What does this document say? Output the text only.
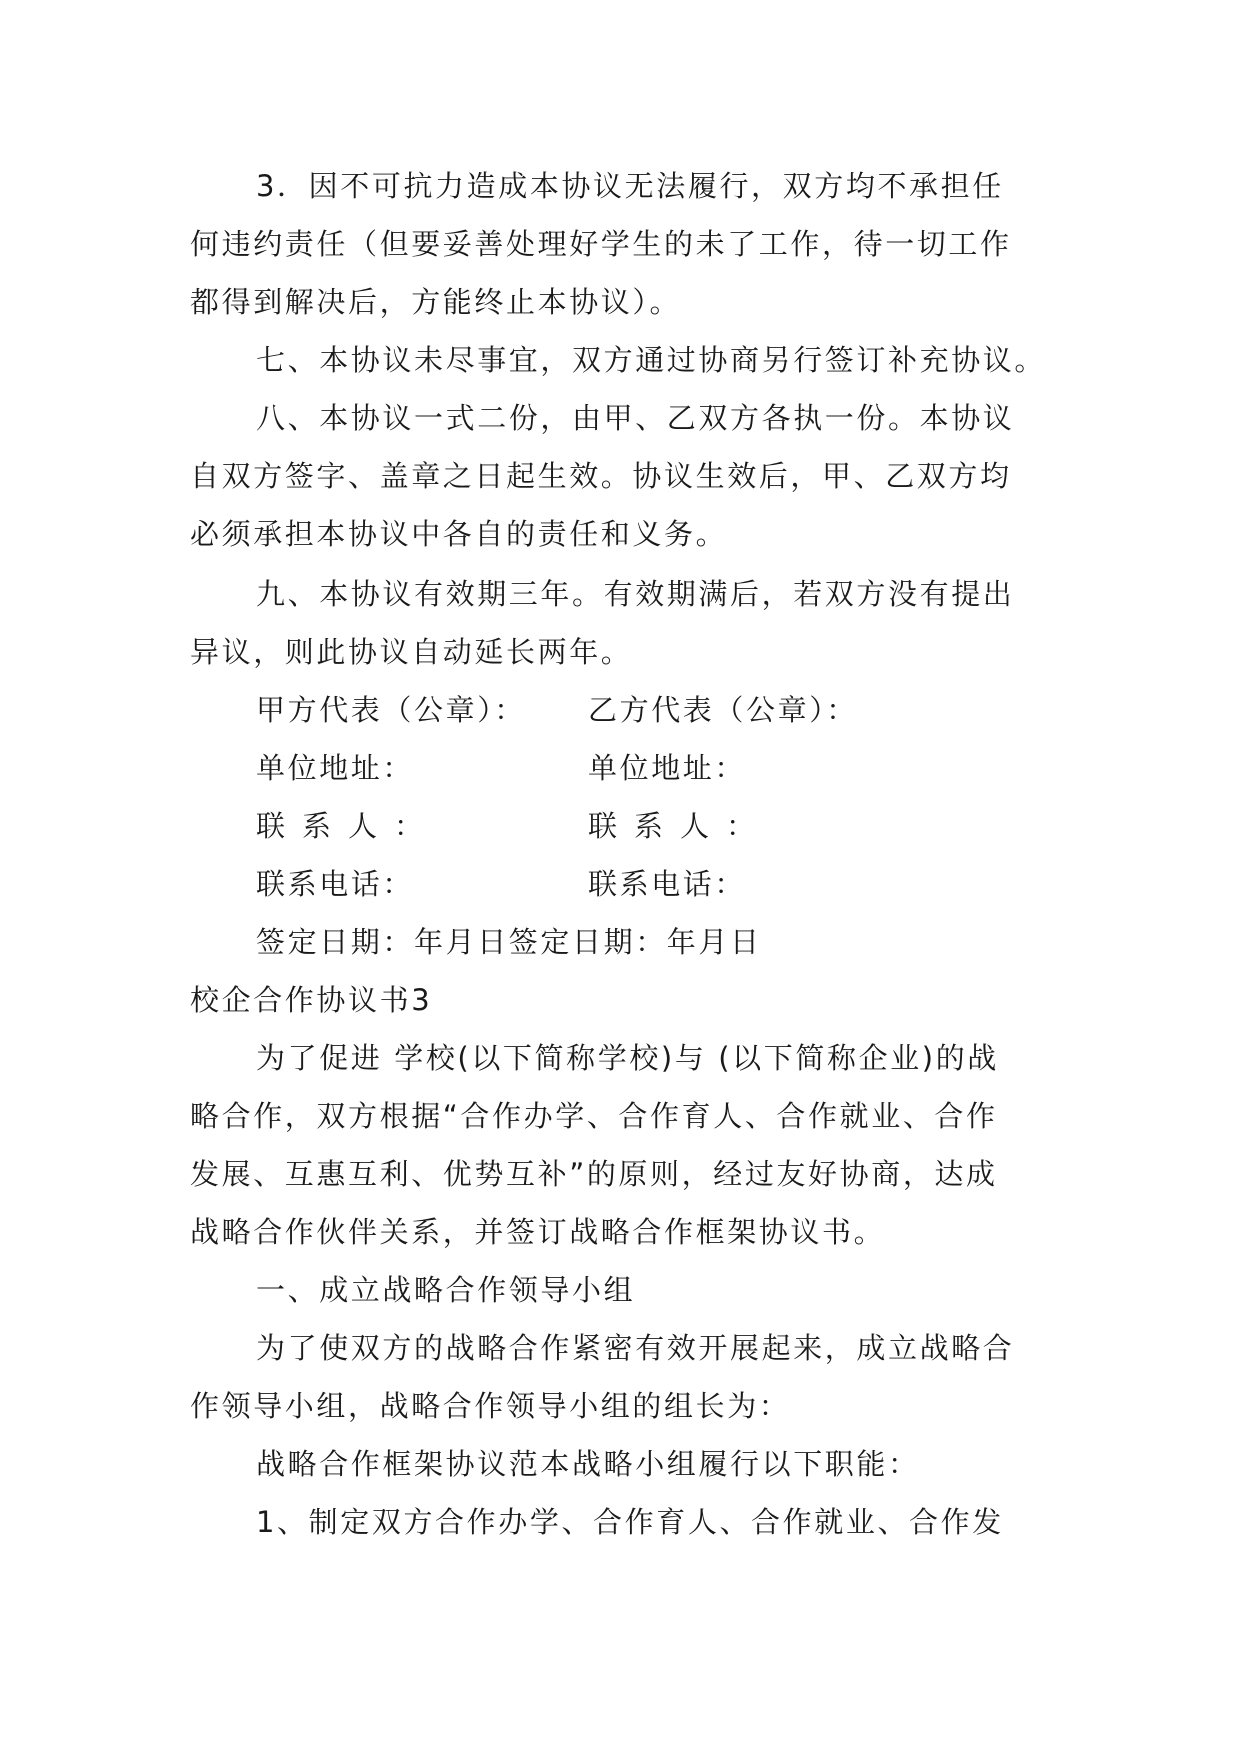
3．因不可抗力造成本协议无法履行，双方均不承担任
何违约责任（但要妥善处理好学生的未了工作，待一切工作
都得到解决后，方能终止本协议）。
七、本协议未尽事宜，双方通过协商另行签订补充协议。
八、本协议一式二份，由甲、乙双方各执一份。本协议
自双方签字、盖章之日起生效。协议生效后，甲、乙双方均
必须承担本协议中各自的责任和义务。
九、本协议有效期三年。有效期满后，若双方没有提出
异议，则此协议自动延长两年。
甲方代表（公章）： 乙方代表（公章）：
单位地址：	单位地址：
联系人：	联系人：
联系电话：	联系电话：
签定日期：年月日签定日期：年月日
校企合作协议书3
为了促进 学校(以下简称学校)与 (以下简称企业)的战
略合作，双方根据“合作办学、合作育人、合作就业、合作
发展、互惠互利、优势互补”的原则，经过友好协商，达成
战略合作伙伴关系，并签订战略合作框架协议书。
一、成立战略合作领导小组
为了使双方的战略合作紧密有效开展起来，成立战略合
作领导小组，战略合作领导小组的组长为：
战略合作框架协议范本战略小组履行以下职能：
1、制定双方合作办学、合作育人、合作就业、合作发
